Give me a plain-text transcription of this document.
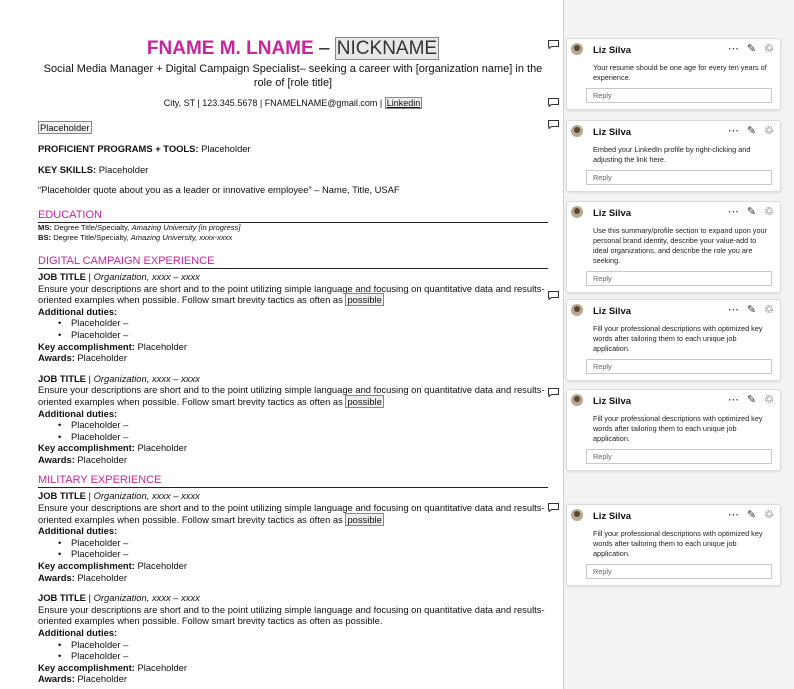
FNAME M. LNAME – NICKNAME
Social Media Manager + Digital Campaign Specialist– seeking a career with [organization name] in the role of [role title]
City, ST | 123.345.5678 | FNAMELNAME@gmail.com | Linkedin
Placeholder
PROFICIENT PROGRAMS + TOOLS: Placeholder
KEY SKILLS: Placeholder
“Placeholder quote about you as a leader or innovative employee” – Name, Title, USAF
EDUCATION
MS: Degree Title/Specialty, Amazing University [in progress]
BS: Degree Title/Specialty, Amazing University, xxxx-xxxx
DIGITAL CAMPAIGN EXPERIENCE
JOB TITLE | Organization, xxxx – xxxx
Ensure your descriptions are short and to the point utilizing simple language and focusing on quantitative data and results-oriented examples when possible. Follow smart brevity tactics as often as possible
Additional duties:
• Placeholder –
• Placeholder –
Key accomplishment: Placeholder
Awards: Placeholder
JOB TITLE | Organization, xxxx – xxxx
Ensure your descriptions are short and to the point utilizing simple language and focusing on quantitative data and results-oriented examples when possible. Follow smart brevity tactics as often as possible
Additional duties:
• Placeholder –
• Placeholder –
Key accomplishment: Placeholder
Awards: Placeholder
MILITARY EXPERIENCE
JOB TITLE | Organization, xxxx – xxxx
Ensure your descriptions are short and to the point utilizing simple language and focusing on quantitative data and results-oriented examples when possible. Follow smart brevity tactics as often as possible
Additional duties:
• Placeholder –
• Placeholder –
Key accomplishment: Placeholder
Awards: Placeholder
JOB TITLE | Organization, xxxx – xxxx
Ensure your descriptions are short and to the point utilizing simple language and focusing on quantitative data and results-oriented examples when possible. Follow smart brevity tactics as often as possible.
Additional duties:
• Placeholder –
• Placeholder –
Key accomplishment: Placeholder
Awards: Placeholder
Liz Silva	⋯ ✎ ♲
Your resume should be one age for every ten years of experience.
Reply
Liz Silva	⋯ ✎ ♲
Embed your LinkedIn profile by right-clicking and adjusting the link here.
Reply
Liz Silva	⋯ ✎ ♲
Use this summary/profile section to expand upon your personal brand identity, describe your value-add to ideal organizations, and describe the role you are seeking.
Reply
Liz Silva	⋯ ✎ ♲
Fill your professional descriptions with optimized key words after tailoring them to each unique job application.
Reply
Liz Silva	⋯ ✎ ♲
Fill your professional descriptions with optimized key words after tailoring them to each unique job application.
Reply
Liz Silva	⋯ ✎ ♲
Fill your professional descriptions with optimized key words after tailoring them to each unique job application.
Reply
